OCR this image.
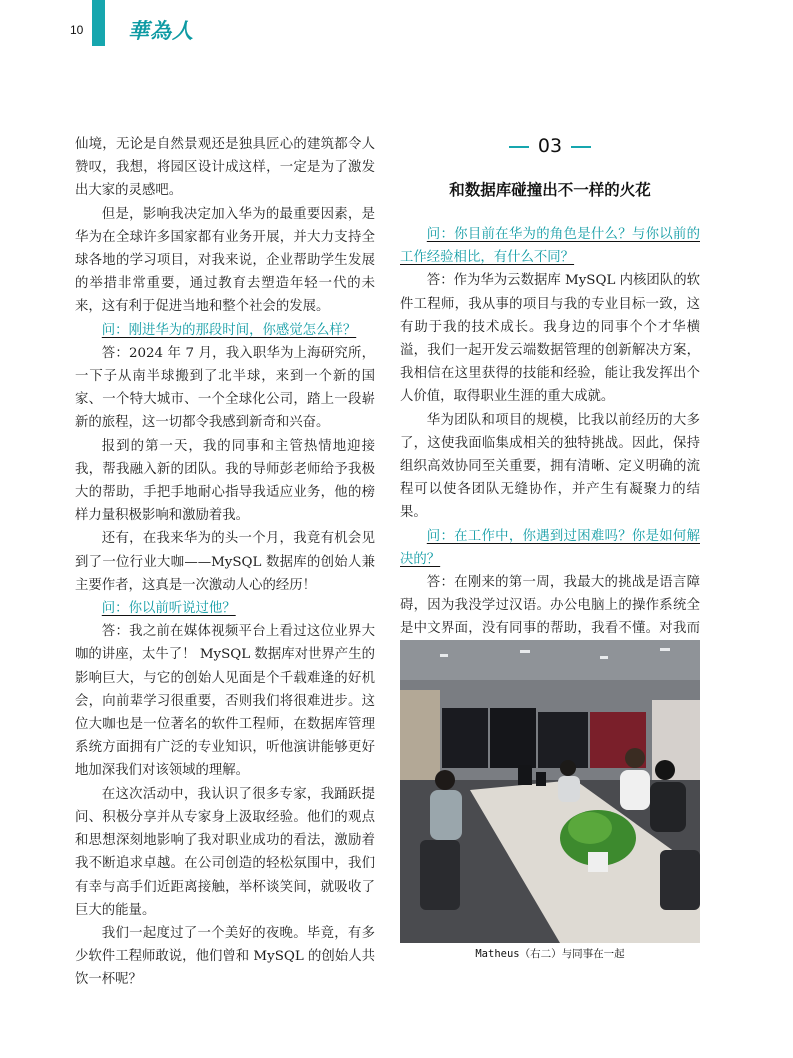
10 華為人

仙境，无论是自然景观还是独具匠心的建筑都令人赞叹，我想，将园区设计成这样，一定是为了激发出大家的灵感吧。

但是，影响我决定加入华为的最重要因素，是华为在全球许多国家都有业务开展，并大力支持全球各地的学习项目，对我来说，企业帮助学生发展的举措非常重要，通过教育去塑造年轻一代的未来，这有利于促进当地和整个社会的发展。

问：刚进华为的那段时间，你感觉怎么样？

答：2024 年 7 月，我入职华为上海研究所，一下子从南半球搬到了北半球，来到一个新的国家、一个特大城市、一个全球化公司，踏上一段崭新的旅程，这一切都令我感到新奇和兴奋。

报到的第一天，我的同事和主管热情地迎接我，帮我融入新的团队。我的导师彭老师给予我极大的帮助，手把手地耐心指导我适应业务，他的榜样力量积极影响和激励着我。

还有，在我来华为的头一个月，我竟有机会见到了一位行业大咖——MySQL 数据库的创始人兼主要作者，这真是一次激动人心的经历！

问：你以前听说过他？

答：我之前在媒体视频平台上看过这位业界大咖的讲座，太牛了！ MySQL 数据库对世界产生的影响巨大，与它的创始人见面是个千载难逢的好机会，向前辈学习很重要，否则我们将很难进步。这位大咖也是一位著名的软件工程师，在数据库管理系统方面拥有广泛的专业知识，听他演讲能够更好地加深我们对该领域的理解。

在这次活动中，我认识了很多专家，我踊跃提问、积极分享并从专家身上汲取经验。他们的观点和思想深刻地影响了我对职业成功的看法，激励着我不断追求卓越。在公司创造的轻松氛围中，我们有幸与高手们近距离接触，举杯谈笑间，就吸收了巨大的能量。

我们一起度过了一个美好的夜晚。毕竟，有多少软件工程师敢说，他们曾和 MySQL 的创始人共饮一杯呢？

03
和数据库碰撞出不一样的火花

问：你目前在华为的角色是什么？与你以前的工作经验相比，有什么不同？

答：作为华为云数据库 MySQL 内核团队的软件工程师，我从事的项目与我的专业目标一致，这有助于我的技术成长。我身边的同事个个才华横溢，我们一起开发云端数据管理的创新解决方案，我相信在这里获得的技能和经验，能让我发挥出个人价值，取得职业生涯的重大成就。

华为团队和项目的规模，比我以前经历的大多了，这使我面临集成相关的独特挑战。因此，保持组织高效协同至关重要，拥有清晰、定义明确的流程可以使各团队无缝协作，并产生有凝聚力的结果。

问：在工作中，你遇到过困难吗？你是如何解决的？

答：在刚来的第一周，我最大的挑战是语言障碍，因为我没学过汉语。办公电脑上的操作系统全是中文界面，没有同事的帮助，我看不懂。对我而

Matheus（右二）与同事在一起
